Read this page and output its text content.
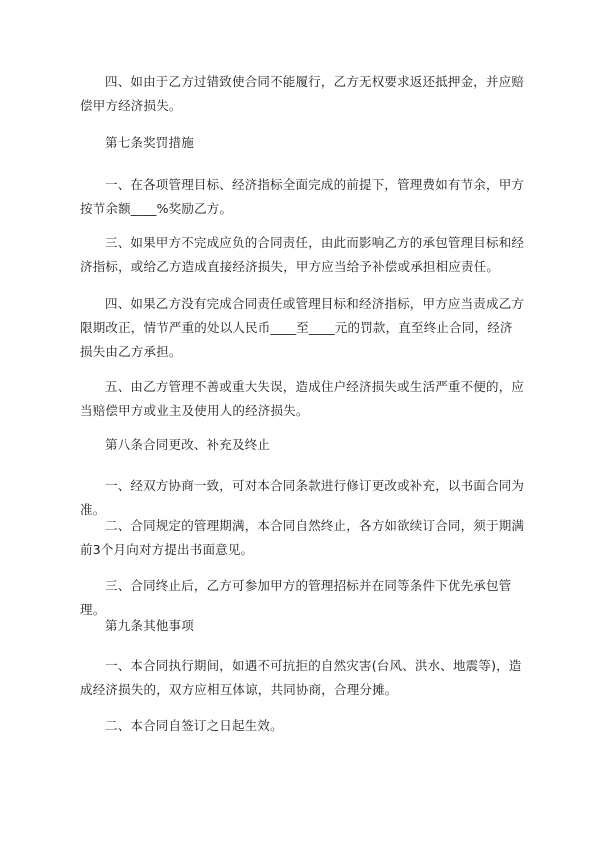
四、如由于乙方过错致使合同不能履行，乙方无权要求返还抵押金，并应赔偿甲方经济损失。

第七条奖罚措施

一、在各项管理目标、经济指标全面完成的前提下，管理费如有节余，甲方按节余额____%奖励乙方。

三、如果甲方不完成应负的合同责任，由此而影响乙方的承包管理目标和经济指标，或给乙方造成直接经济损失，甲方应当给予补偿或承担相应责任。

四、如果乙方没有完成合同责任或管理目标和经济指标，甲方应当责成乙方限期改正，情节严重的处以人民币____至____元的罚款，直至终止合同，经济损失由乙方承担。

五、由乙方管理不善或重大失误，造成住户经济损失或生活严重不便的，应当赔偿甲方或业主及使用人的经济损失。

第八条合同更改、补充及终止

一、经双方协商一致，可对本合同条款进行修订更改或补充，以书面合同为准。

二、合同规定的管理期满，本合同自然终止，各方如欲续订合同，须于期满前3个月向对方提出书面意见。

三、合同终止后，乙方可参加甲方的管理招标并在同等条件下优先承包管理。

第九条其他事项

一、本合同执行期间，如遇不可抗拒的自然灾害(台风、洪水、地震等)，造成经济损失的，双方应相互体谅，共同协商，合理分摊。

二、本合同自签订之日起生效。
